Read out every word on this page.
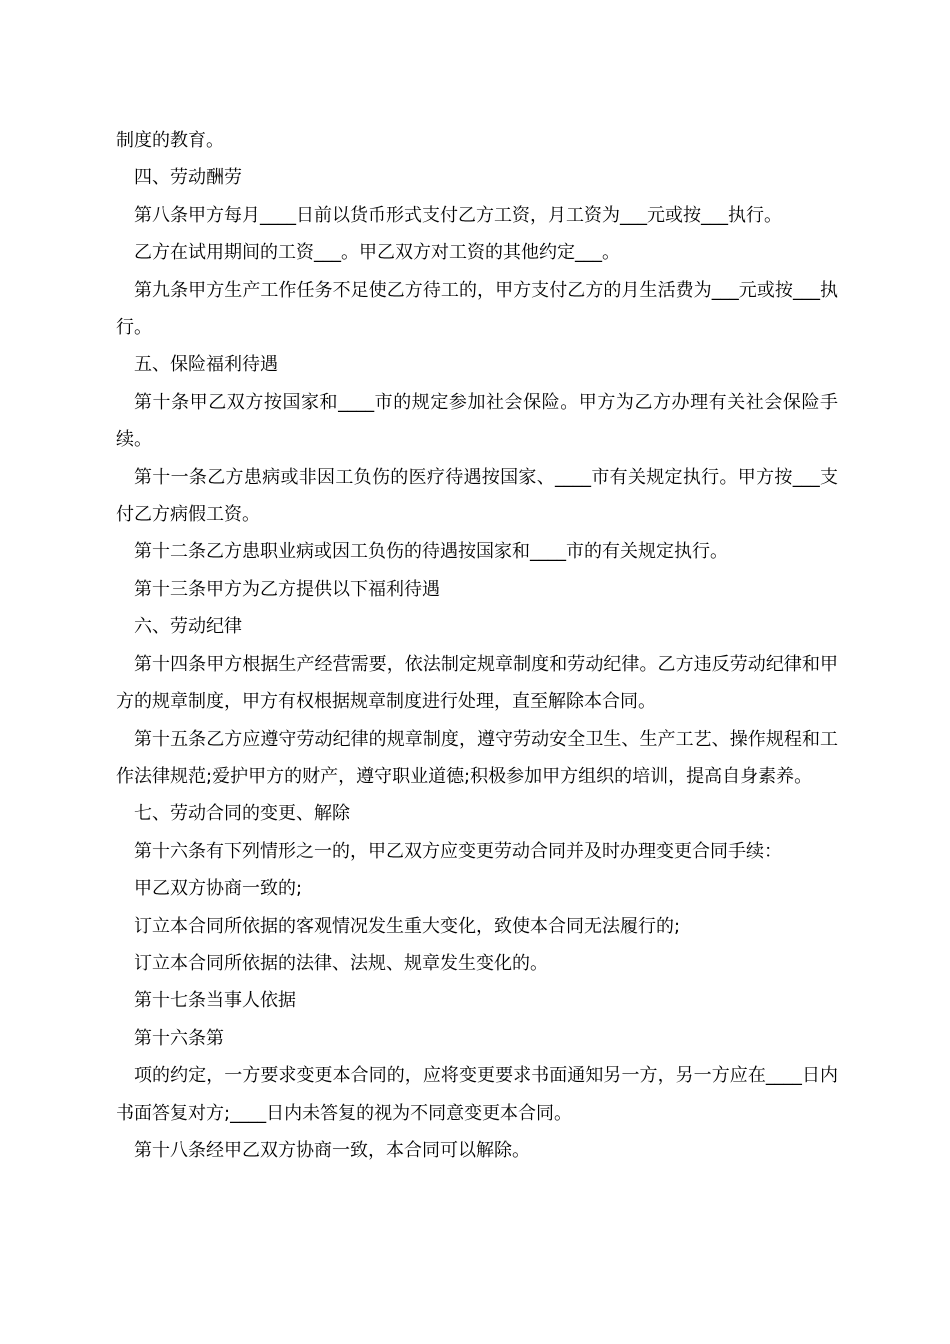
制度的教育。

四、劳动酬劳

第八条甲方每月____日前以货币形式支付乙方工资，月工资为___元或按___执行。

乙方在试用期间的工资___。甲乙双方对工资的其他约定___。

第九条甲方生产工作任务不足使乙方待工的，甲方支付乙方的月生活费为___元或按___执行。

五、保险福利待遇

第十条甲乙双方按国家和____市的规定参加社会保险。甲方为乙方办理有关社会保险手续。

第十一条乙方患病或非因工负伤的医疗待遇按国家、____市有关规定执行。甲方按___支付乙方病假工资。

第十二条乙方患职业病或因工负伤的待遇按国家和____市的有关规定执行。

第十三条甲方为乙方提供以下福利待遇

六、劳动纪律

第十四条甲方根据生产经营需要，依法制定规章制度和劳动纪律。乙方违反劳动纪律和甲方的规章制度，甲方有权根据规章制度进行处理，直至解除本合同。

第十五条乙方应遵守劳动纪律的规章制度，遵守劳动安全卫生、生产工艺、操作规程和工作法律规范;爱护甲方的财产，遵守职业道德;积极参加甲方组织的培训，提高自身素养。

七、劳动合同的变更、解除

第十六条有下列情形之一的，甲乙双方应变更劳动合同并及时办理变更合同手续：

甲乙双方协商一致的;

订立本合同所依据的客观情况发生重大变化，致使本合同无法履行的;

订立本合同所依据的法律、法规、规章发生变化的。

第十七条当事人依据

第十六条第

项的约定，一方要求变更本合同的，应将变更要求书面通知另一方，另一方应在____日内书面答复对方;____日内未答复的视为不同意变更本合同。

第十八条经甲乙双方协商一致，本合同可以解除。
